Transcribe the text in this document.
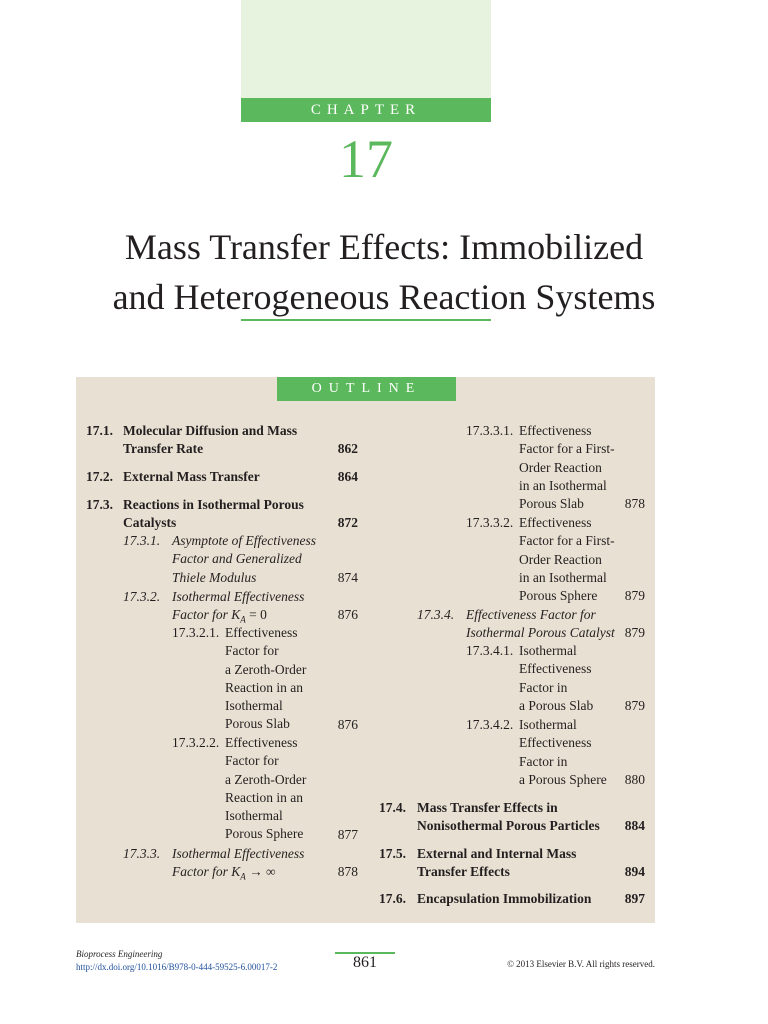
CHAPTER
17
Mass Transfer Effects: Immobilized
and Heterogeneous Reaction Systems
OUTLINE
17.1. Molecular Diffusion and Mass
Transfer Rate	862
17.2. External Mass Transfer	864
17.3. Reactions in Isothermal Porous
Catalysts	872
17.3.1. Asymptote of Effectiveness
Factor and Generalized
Thiele Modulus	874
17.3.2. Isothermal Effectiveness
Factor for $K_A = 0$	876
17.3.2.1. Effectiveness
Factor for
a Zeroth-Order
Reaction in an
Isothermal
Porous Slab	876
17.3.2.2. Effectiveness
Factor for
a Zeroth-Order
Reaction in an
Isothermal
Porous Sphere	877
17.3.3. Isothermal Effectiveness
Factor for $K_A$ → ∞	878
17.3.3.1. Effectiveness
Factor for a First-
Order Reaction
in an Isothermal
Porous Slab	878
17.3.3.2. Effectiveness
Factor for a First-
Order Reaction
in an Isothermal
Porous Sphere	879
17.3.4. Effectiveness Factor for
Isothermal Porous Catalyst 879
17.3.4.1. Isothermal
Effectiveness
Factor in
a Porous Slab	879
17.3.4.2. Isothermal
Effectiveness
Factor in
a Porous Sphere	880
17.4. Mass Transfer Effects in
Nonisothermal Porous Particles	884
17.5. External and Internal Mass
Transfer Effects	894
17.6. Encapsulation Immobilization	897
Bioprocess Engineering
http://dx.doi.org/10.1016/B978-0-444-59525-6.00017-2	861	© 2013 Elsevier B.V. All rights reserved.
